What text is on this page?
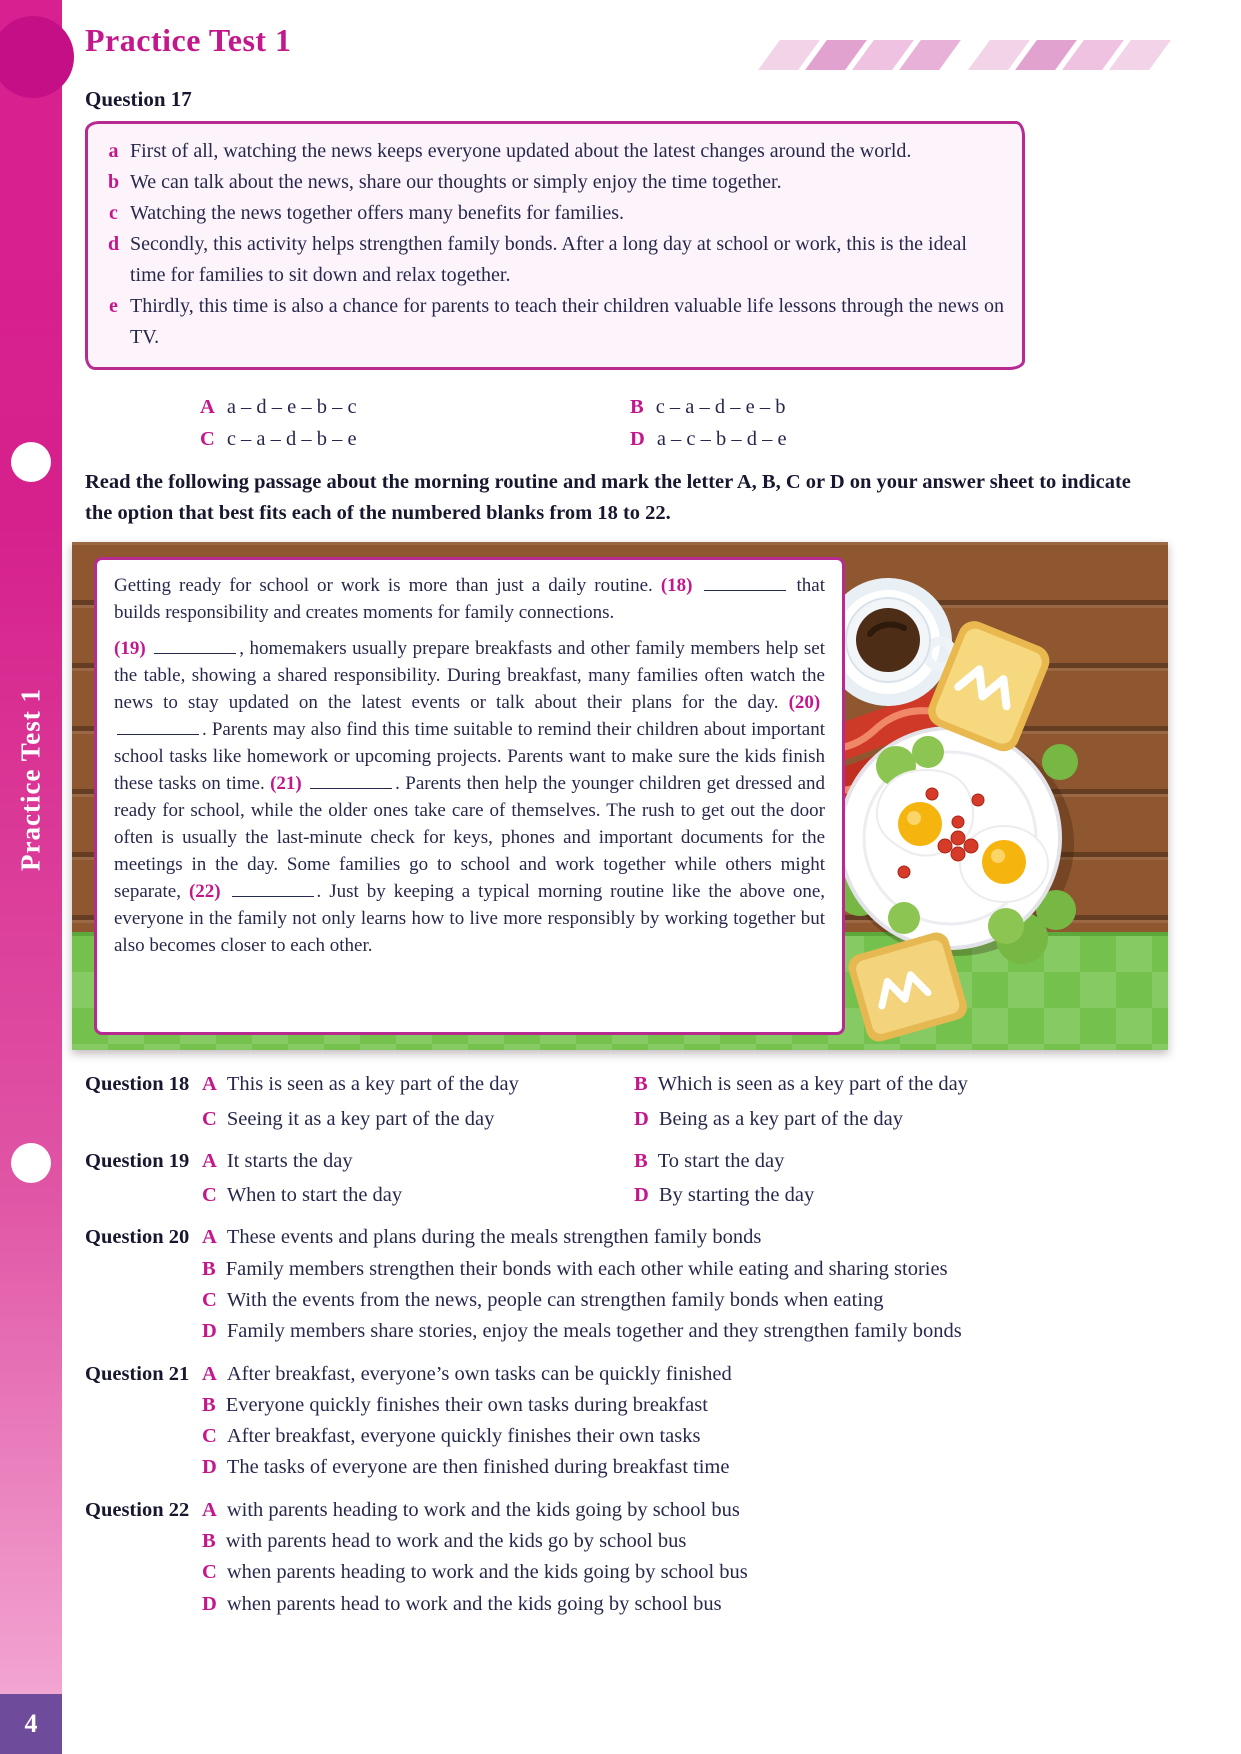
Practice Test 1
4
Practice Test 1
Question 17
a First of all, watching the news keeps everyone updated about the latest changes around the world.
b We can talk about the news, share our thoughts or simply enjoy the time together.
c Watching the news together offers many benefits for families.
d Secondly, this activity helps strengthen family bonds. After a long day at school or work, this is the ideal time for families to sit down and relax together.
e Thirdly, this time is also a chance for parents to teach their children valuable life lessons through the news on TV.
A a – d – e – b – c	B c – a – d – e – b
C c – a – d – b – e	D a – c – b – d – e

Read the following passage about the morning routine and mark the letter A, B, C or D on your answer sheet to indicate the option that best fits each of the numbered blanks from 18 to 22.

Getting ready for school or work is more than just a daily routine. (18)	that builds responsibility and creates moments for family connections.

(19)	, homemakers usually prepare breakfasts and other family members help set the table, showing a shared responsibility. During breakfast, many families often watch the news to stay updated on the latest events or talk about their plans for the day. (20) . Parents may also find this time suitable to remind their children about important school tasks like homework or upcoming projects. Parents want to make sure the kids finish these tasks on time. (21)	. Parents then help the younger children get dressed and ready for school, while the older ones take care of themselves. The rush to get out the door often is usually the last-minute check for keys, phones and important documents for the meetings in the day. Some families go to school and work together while others might separate, (22)	. Just by keeping a typical morning routine like the above one, everyone in the family not only learns how to live more responsibly by working together but also becomes closer to each other.

Question 18 A This is seen as a key part of the day	B Which is seen as a key part of the day
C Seeing it as a key part of the day	D Being as a key part of the day
Question 19 A It starts the day	B To start the day
C When to start the day	D By starting the day
Question 20 A These events and plans during the meals strengthen family bonds
B Family members strengthen their bonds with each other while eating and sharing stories
C With the events from the news, people can strengthen family bonds when eating
D Family members share stories, enjoy the meals together and they strengthen family bonds
Question 21 A After breakfast, everyone’s own tasks can be quickly finished
B Everyone quickly finishes their own tasks during breakfast
C After breakfast, everyone quickly finishes their own tasks
D The tasks of everyone are then finished during breakfast time
Question 22 A with parents heading to work and the kids going by school bus
B with parents head to work and the kids go by school bus
C when parents heading to work and the kids going by school bus
D when parents head to work and the kids going by school bus
